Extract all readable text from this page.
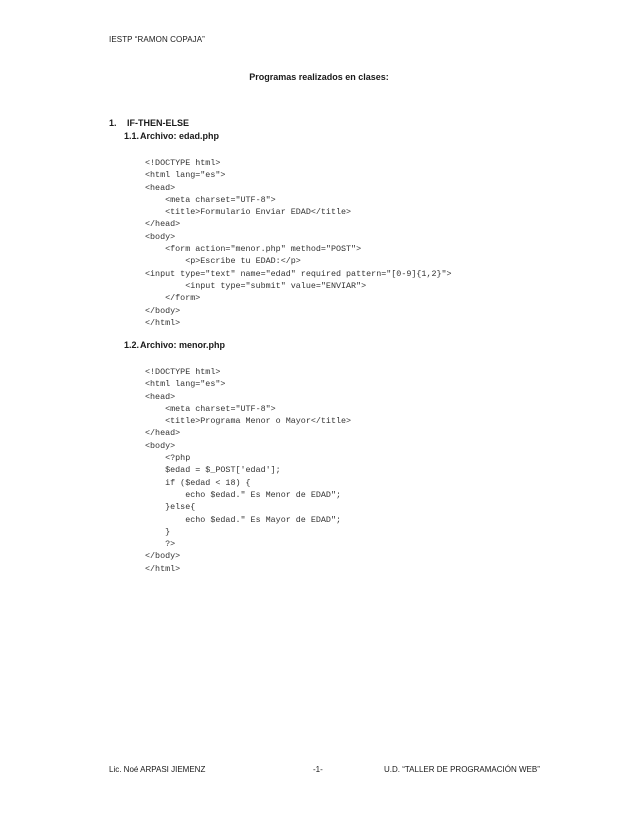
IESTP “RAMON COPAJA”
Programas realizados en clases:
1. IF-THEN-ELSE
1.1.Archivo: edad.php
<!DOCTYPE html>
<html lang="es">
<head>
<meta charset="UTF-8">
<title>Formulario Enviar EDAD</title>
</head>
<body>
<form action="menor.php" method="POST">
<p>Escribe tu EDAD:</p>
<input type="text" name="edad" required pattern="[0-9]{1,2}">
<input type="submit" value="ENVIAR">
</form>
</body>
</html>
1.2.Archivo: menor.php
<!DOCTYPE html>
<html lang="es">
<head>
<meta charset="UTF-8">
<title>Programa Menor o Mayor</title>
</head>
<body>
<?php
$edad = $_POST['edad'];
if ($edad < 18) {
echo $edad." Es Menor de EDAD";
}else{
echo $edad." Es Mayor de EDAD";
}
?>
</body>
</html>
Lic. Noé ARPASI JIEMENZ	-1-	U.D. “TALLER DE PROGRAMACIÓN WEB”
